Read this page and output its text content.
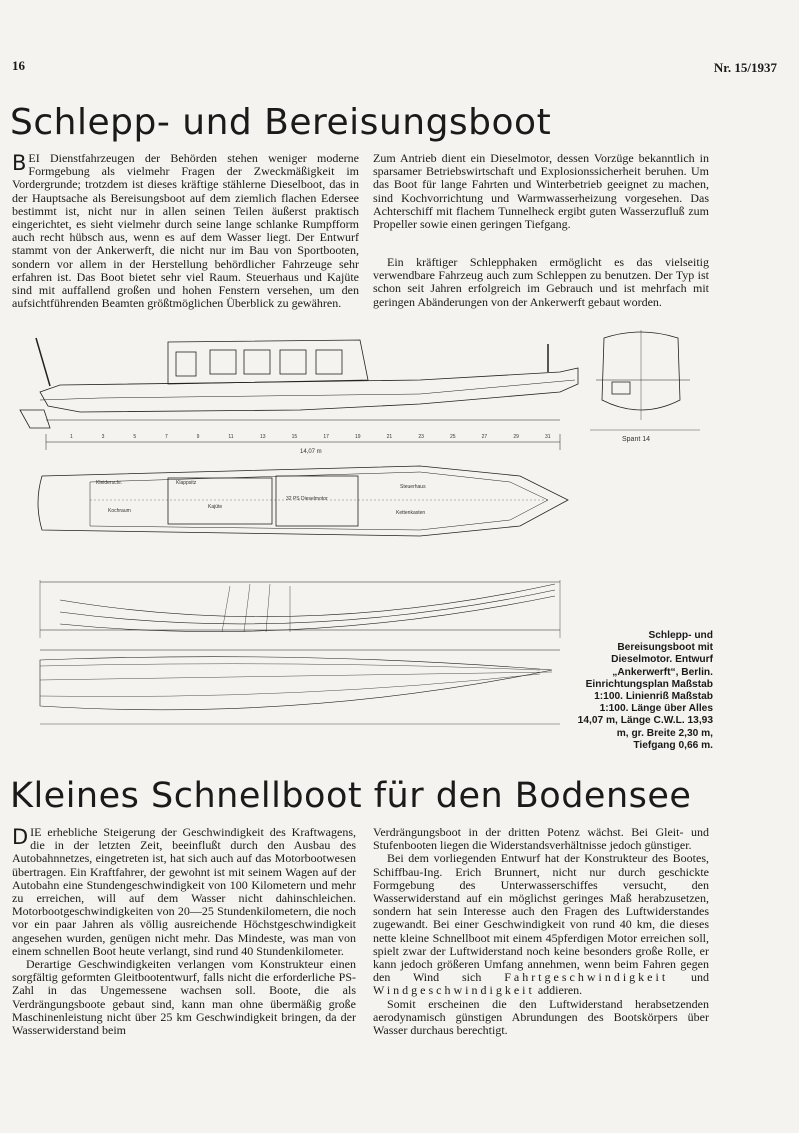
16	Nr. 15/1937
Schlepp- und Bereisungsboot

BEI Dienstfahrzeugen der Behörden stehen weniger moderne Formgebung als vielmehr Fragen der Zweckmäßigkeit im Vordergrunde; trotzdem ist dieses kräftige stählerne Dieselboot, das in der Hauptsache als Bereisungsboot auf dem ziemlich flachen Edersee bestimmt ist, nicht nur in allen seinen Teilen äußerst praktisch eingerichtet, es sieht vielmehr durch seine lange schlanke Rumpfform auch recht hübsch aus, wenn es auf dem Wasser liegt. Der Entwurf stammt von der Ankerwerft, die nicht nur im Bau von Sportbooten, sondern vor allem in der Herstellung behördlicher Fahrzeuge sehr erfahren ist. Das Boot bietet sehr viel Raum. Steuerhaus und Kajüte sind mit auffallend großen und hohen Fenstern versehen, um den aufsichtführenden Beamten größtmöglichen Überblick zu gewähren.

Zum Antrieb dient ein Dieselmotor, dessen Vorzüge bekanntlich in sparsamer Betriebswirtschaft und Explosionssicherheit beruhen. Um das Boot für lange Fahrten und Winterbetrieb geeignet zu machen, sind Kochvorrichtung und Warmwasserheizung vorgesehen. Das Achterschiff mit flachem Tunnelheck ergibt guten Wasserzufluß zum Propeller sowie einen geringen Tiefgang.

Ein kräftiger Schlepphaken ermöglicht es das vielseitig verwendbare Fahrzeug auch zum Schleppen zu benutzen. Der Typ ist schon seit Jahren erfolgreich im Gebrauch und ist mehrfach mit geringen Abänderungen von der Ankerwerft gebaut worden.

1	3	5	7	9	11	13	15	17	19	21	23	25	27	29	31
14,07 m
Spant 14
Kleiderschr.
Kochraum
Klappsitz
Kajüte
32 PS Dieselmotor
Steuerhaus
Kettenkasten
Schlepp- und Bereisungsboot mit Dieselmotor. Entwurf „Ankerwerft“, Berlin. Einrichtungsplan Maßstab 1:100. Linienriß Maßstab 1:100. Länge über Alles 14,07 m, Länge C.W.L. 13,93 m, gr. Breite 2,30 m, Tiefgang 0,66 m.
Kleines Schnellboot für den Bodensee

DIE erhebliche Steigerung der Geschwindigkeit des Kraftwagens, die in der letzten Zeit, beeinflußt durch den Ausbau des Autobahnnetzes, eingetreten ist, hat sich auch auf das Motorbootwesen übertragen. Ein Kraftfahrer, der gewohnt ist mit seinem Wagen auf der Autobahn eine Stundengeschwindigkeit von 100 Kilometern und mehr zu erreichen, will auf dem Wasser nicht dahinschleichen. Motorbootgeschwindigkeiten von 20—25 Stundenkilometern, die noch vor ein paar Jahren als völlig ausreichende Höchstgeschwindigkeit angesehen wurden, genügen nicht mehr. Das Mindeste, was man von einem schnellen Boot heute verlangt, sind rund 40 Stundenkilometer.

Derartige Geschwindigkeiten verlangen vom Konstrukteur einen sorgfältig geformten Gleitbootentwurf, falls nicht die erforderliche PS-Zahl in das Ungemessene wachsen soll. Boote, die als Verdrängungsboote gebaut sind, kann man ohne übermäßig große Maschinenleistung nicht über 25 km Geschwindigkeit bringen, da der Wasserwiderstand beim

Verdrängungsboot in der dritten Potenz wächst. Bei Gleit- und Stufenbooten liegen die Widerstandsverhältnisse jedoch günstiger.

Bei dem vorliegenden Entwurf hat der Konstrukteur des Bootes, Schiffbau-Ing. Erich Brunnert, nicht nur durch geschickte Formgebung des Unterwasserschiffes versucht, den Wasserwiderstand auf ein möglichst geringes Maß herabzusetzen, sondern hat sein Interesse auch den Fragen des Luftwiderstandes zugewandt. Bei einer Geschwindigkeit von rund 40 km, die dieses nette kleine Schnellboot mit einem 45pferdigen Motor erreichen soll, spielt zwar der Luftwiderstand noch keine besonders große Rolle, er kann jedoch größeren Umfang annehmen, wenn beim Fahren gegen den Wind sich Fahrtgeschwindigkeit und Windgeschwindigkeit addieren.

Somit erscheinen die den Luftwiderstand herabsetzenden aerodynamisch günstigen Abrundungen des Bootskörpers über Wasser durchaus berechtigt.
